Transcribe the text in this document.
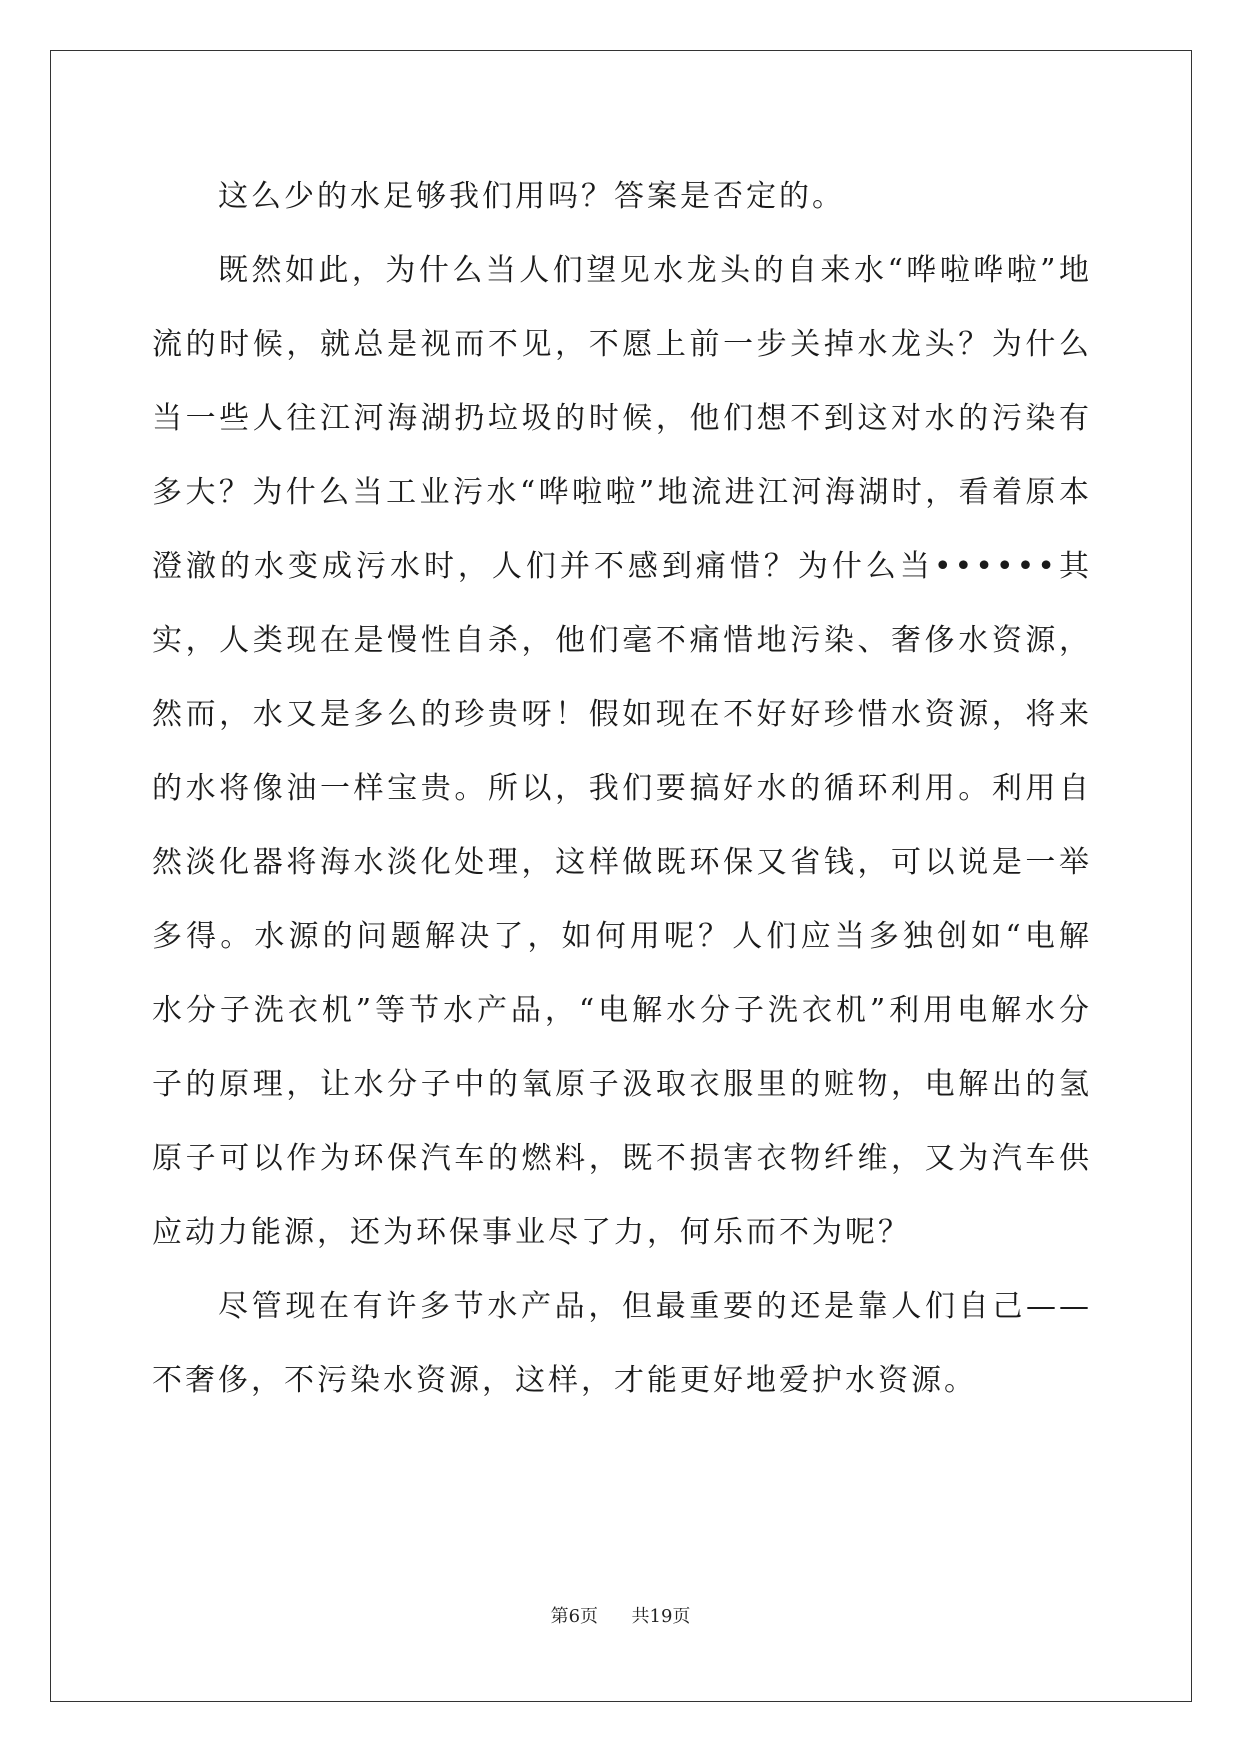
这么少的水足够我们用吗？答案是否定的。

既然如此，为什么当人们望见水龙头的自来水“哗啦哗啦”地流的时候，就总是视而不见，不愿上前一步关掉水龙头？为什么当一些人往江河海湖扔垃圾的时候，他们想不到这对水的污染有多大？为什么当工业污水“哗啦啦”地流进江河海湖时，看着原本澄澈的水变成污水时，人们并不感到痛惜？为什么当••••••其实，人类现在是慢性自杀，他们毫不痛惜地污染、奢侈水资源，然而，水又是多么的珍贵呀！假如现在不好好珍惜水资源，将来的水将像油一样宝贵。所以，我们要搞好水的循环利用。利用自然淡化器将海水淡化处理，这样做既环保又省钱，可以说是一举多得。水源的问题解决了，如何用呢？人们应当多独创如“电解水分子洗衣机”等节水产品，“电解水分子洗衣机”利用电解水分子的原理，让水分子中的氧原子汲取衣服里的赃物，电解出的氢原子可以作为环保汽车的燃料，既不损害衣物纤维，又为汽车供应动力能源，还为环保事业尽了力，何乐而不为呢？

尽管现在有许多节水产品，但最重要的还是靠人们自己——不奢侈，不污染水资源，这样，才能更好地爱护水资源。

第6页 共19页
